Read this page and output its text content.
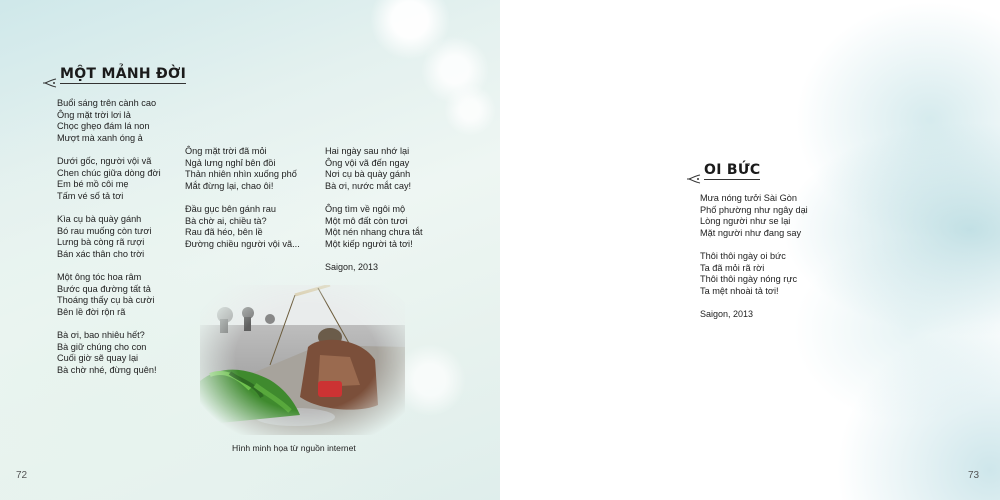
MỘT MẢNH ĐỜI
Buổi sáng trên cành cao
Ông mặt trời lơi lả
Chọc ghẹo đám lá non
Mượt mà xanh óng ả
Dưới gốc, người vội vã
Chen chúc giữa dòng đời
Em bé mồ côi mẹ
Tấm vé số tả tơi
Kìa cụ bà quày gánh
Bó rau muống còn tươi
Lưng bà còng rã rượi
Bán xác thân cho trời
Một ông tóc hoa râm
Bước qua đường tất tả
Thoáng thấy cụ bà cười
Bên lề đời rộn rã
Bà ơi, bao nhiêu hết?
Bà giữ chúng cho con
Cuối giờ sẽ quay lại
Bà chờ nhé, đừng quên!
Ông mặt trời đã mỏi
Ngả lưng nghỉ bên đồi
Thản nhiên nhìn xuống phố
Mắt đừng lại, chao ôi!
Đầu gục bên gánh rau
Bà chờ ai, chiều tà?
Rau đã héo, bên lề
Đường chiều người vội vã...
Hai ngày sau nhớ lại
Ông vội vã đến ngay
Nơi cụ bà quày gánh
Bà ơi, nước mắt cay!
Ông tìm về ngôi mộ
Một mô đất còn tươi
Một nén nhang chưa tắt
Một kiếp người tả tơi!
Saigon, 2013
Hình minh họa từ nguồn internet
72
OI BỨC
Mưa nóng tưởi Sài Gòn
Phố phường như ngây dại
Lòng người như se lại
Mặt người như đang say
Thôi thôi ngày oi bức
Ta đã mỏi rã rời
Thôi thôi ngày nóng rực
Ta mệt nhoài tả tơi!
Saigon, 2013
73
